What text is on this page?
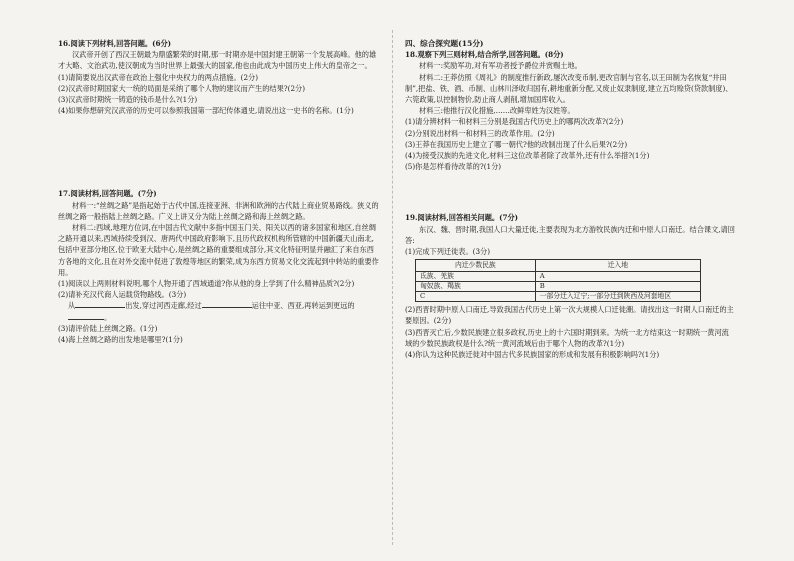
16.阅读下列材料,回答问题。(6分)

汉武帝开创了西汉王朝最为鼎盛繁荣的时期,那一时期亦是中国封建王朝第一个发展高峰。他的雄才大略、文治武功,使汉朝成为当时世界上最强大的国家,他也由此成为中国历史上伟大的皇帝之一。

(1)请简要说出汉武帝在政治上强化中央权力的两点措施。(2分)

(2)汉武帝时期国家大一统的局面是采纳了哪个人物的建议而产生的结果?(2分)

(3)汉武帝时期统一铸造的钱币是什么?(1分)

(4)如果你想研究汉武帝的历史可以参照我国第一部纪传体通史,请说出这一史书的名称。(1分)

17.阅读材料,回答问题。(7分)

材料一:“丝绸之路”是指起始于古代中国,连接亚洲、非洲和欧洲的古代陆上商业贸易路线。狭义的丝绸之路一般指陆上丝绸之路。广义上讲又分为陆上丝绸之路和海上丝绸之路。

材料二:西域,地理方位词,在中国古代文献中多指中国玉门关、阳关以西的诸多国家和地区,自丝绸之路开通以来,西域持续受到汉、唐两代中国政府影响下,且历代政权机构所管辖的中国新疆天山南北,包括中亚部分地区,位于欧亚大陆中心,是丝绸之路的重要组成部分,其文化特征明显并融汇了来自东西方各地的文化,且在对外交流中促进了敦煌等地区的繁荣,成为东西方贸易文化交流起到中转站的重要作用。

(1)阅读以上两则材料说明,哪个人物开通了西域通道?你从他的身上学到了什么精神品质?(2分)

(2)请补充汉代商人运载货物路线。(3分)

从	出发,穿过河西走廊,经过	运往中亚、西亚,再转运到更远的。

(3)请评价陆上丝绸之路。(1分)

(4)海上丝绸之路的出发地是哪里?(1分)

四、综合探究题(15分)

18.观察下列三则材料,结合所学,回答问题。(8分)

材料一:奖励军功,对有军功者授予爵位并赏赐土地。

材料二:王莽仿照《周礼》的制度推行新政,屡次改变币制,更改官制与官名,以王田制为名恢复“井田制”,把盐、铁、酒、币制、山林川泽收归国有,耕地重新分配,又废止奴隶制度,建立五均赊贷(贷款制度)、六筦政策,以控制物价,防止商人剥削,增加国库收入。

材料三:他推行汉化措施,……改鲜卑姓为汉姓等。

(1)请分辨材料一和材料三分别是我国古代历史上的哪两次改革?(2分)

(2)分别说出材料一和材料三的改革作用。(2分)

(3)王莽在我国历史上建立了哪一朝代?他的改制出现了什么后果?(2分)

(4)为接受汉族的先进文化,材料三这位改革者除了改革外,还有什么举措?(1分)

(5)你是怎样看待改革的?(1分)

19.阅读材料,回答相关问题。(7分)

东汉、魏、晋时期,我国人口大量迁徙,主要表现为北方游牧民族内迁和中原人口南迁。结合课文,请回答:

(1)完成下列迁徙表。(3分)

内迁少数民族	迁入地
氐族、羌族	A
匈奴族、羯族	B
C	一部分迁入辽宁;一部分迁到陕西及河套地区

(2)西晋时期中原人口南迁,导致我国古代历史上第一次大规模人口迁徙潮。请找出这一时期人口南迁的主要原因。(2分)

(3)西晋灭亡后,少数民族建立很多政权,历史上的十六国时期到来。为统一北方结束这一时期统一黄河流域的少数民族政权是什么?统一黄河流域后由于哪个人物的改革?(1分)

(4)你认为这种民族迁徙对中国古代多民族国家的形成和发展有积极影响吗?(1分)
